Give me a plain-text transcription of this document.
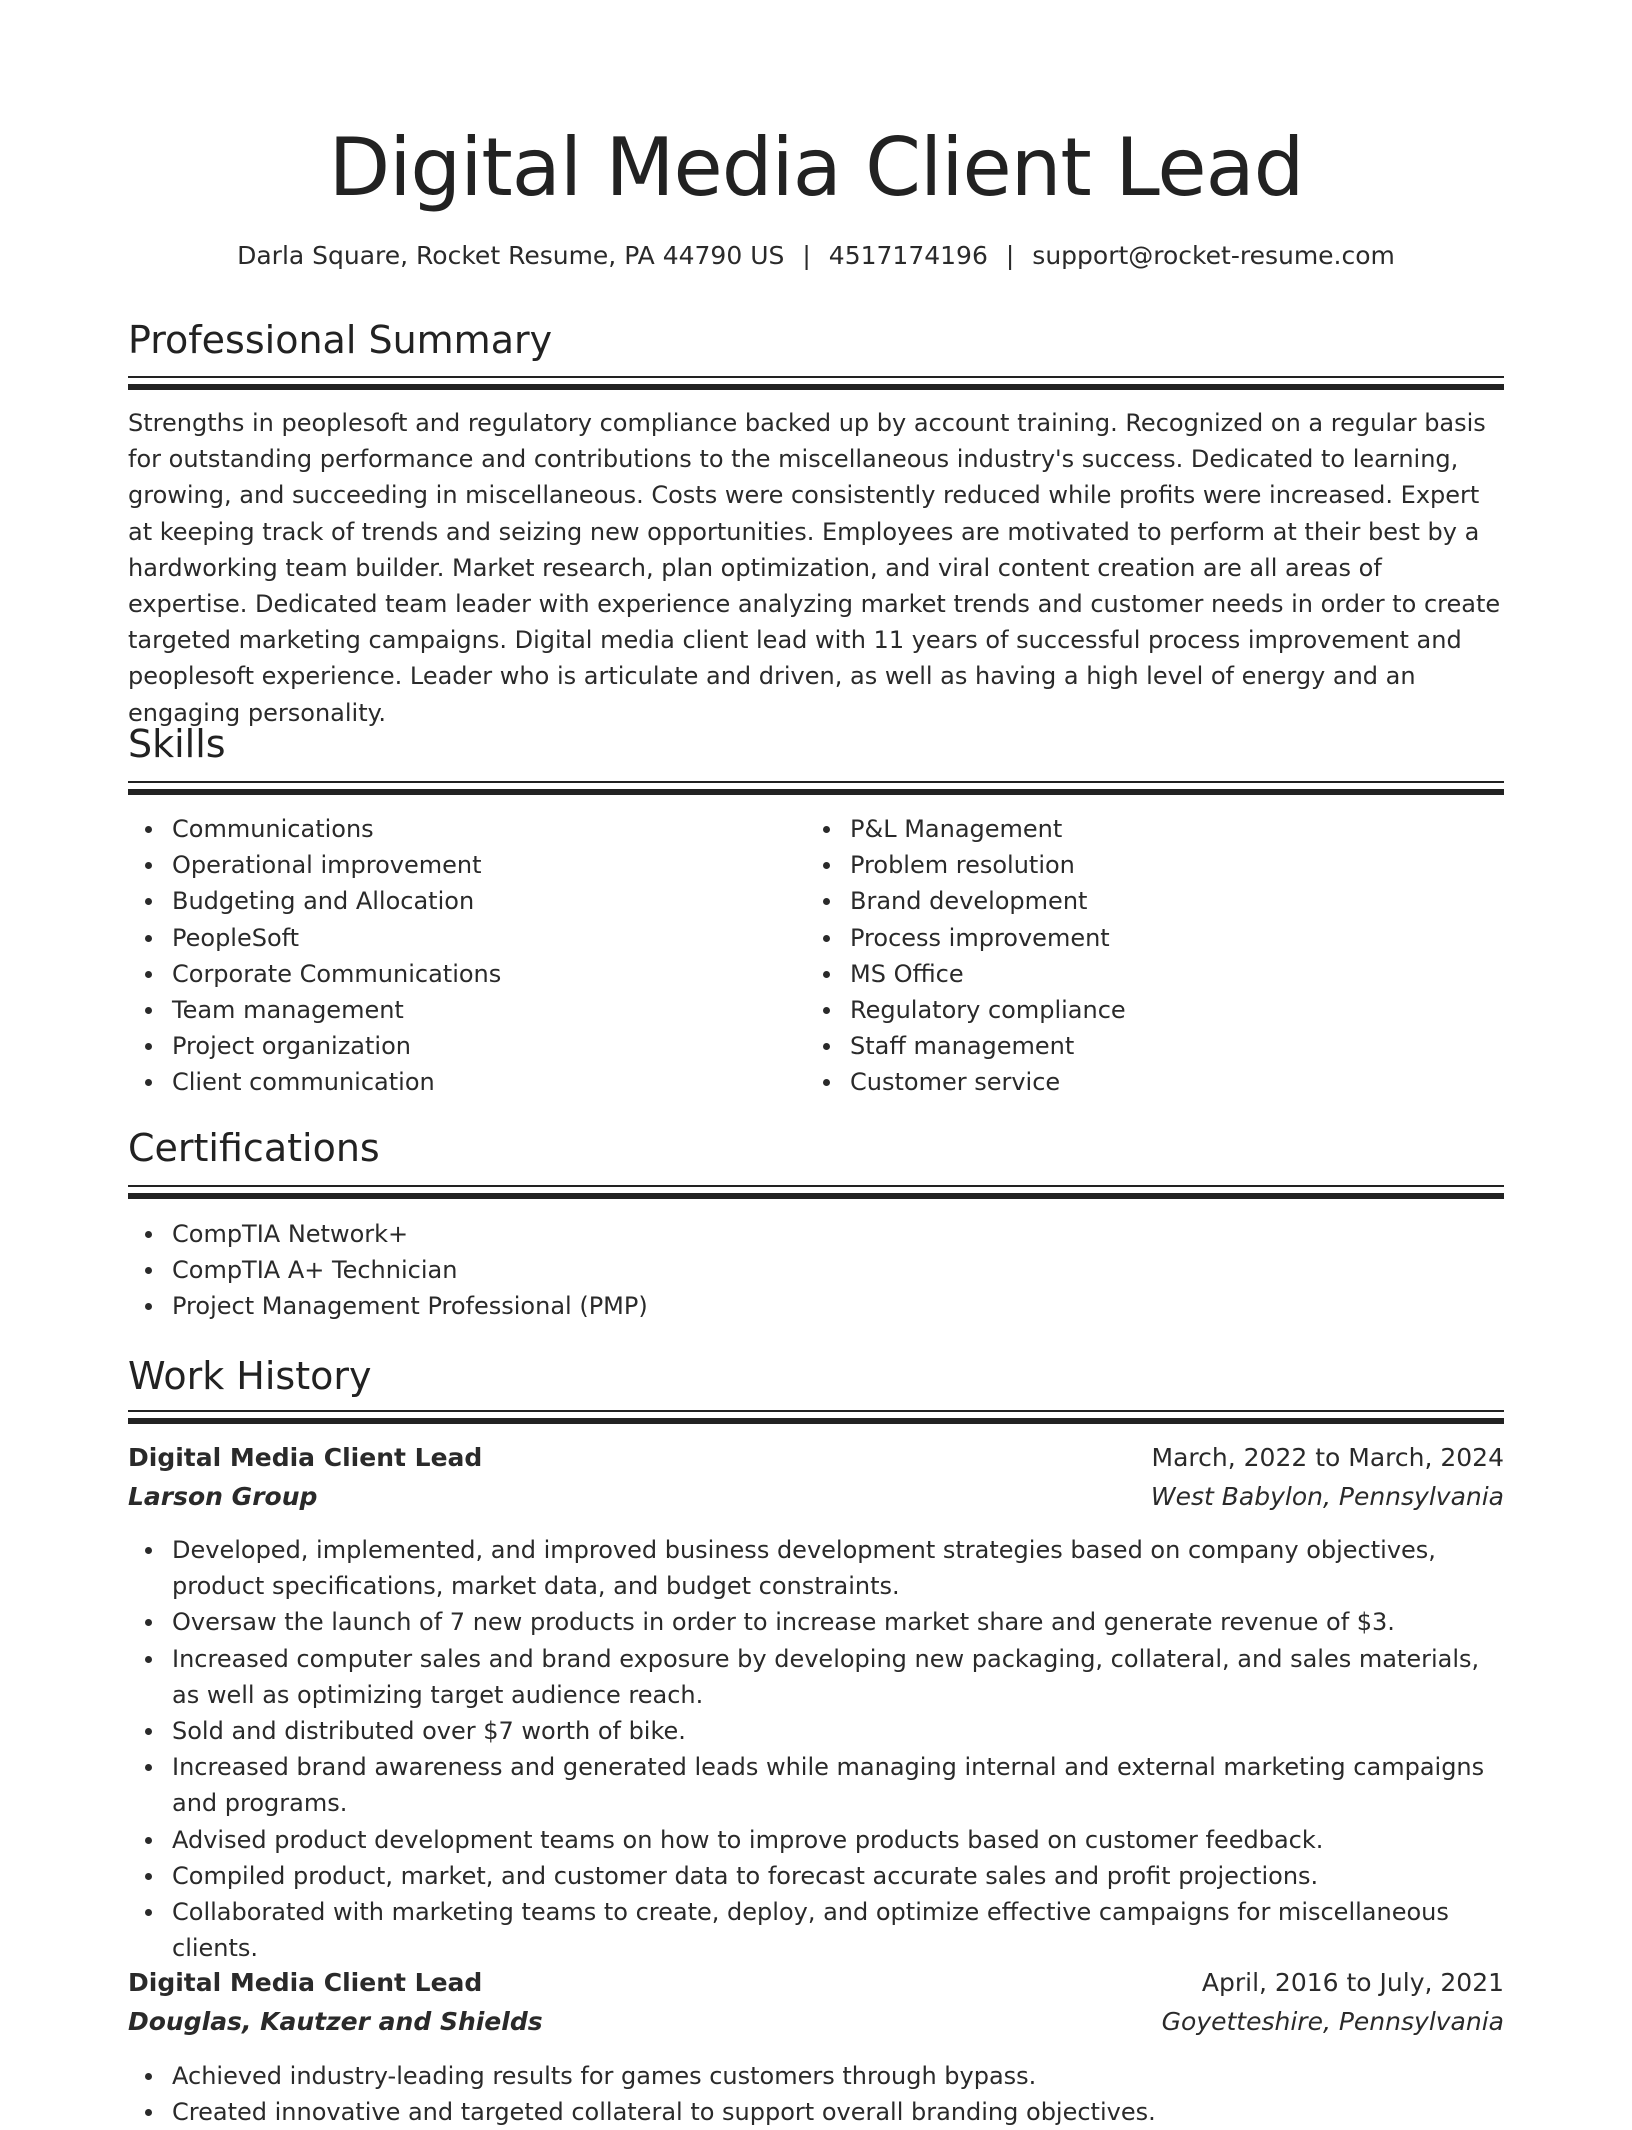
Digital Media Client Lead
Darla Square, Rocket Resume, PA 44790 US | 4517174196 | support@rocket-resume.com
Professional Summary

Strengths in peoplesoft and regulatory compliance backed up by account training. Recognized on a regular basis for outstanding performance and contributions to the miscellaneous industry's success. Dedicated to learning, growing, and succeeding in miscellaneous. Costs were consistently reduced while profits were increased. Expert at keeping track of trends and seizing new opportunities. Employees are motivated to perform at their best by a hardworking team builder. Market research, plan optimization, and viral content creation are all areas of expertise. Dedicated team leader with experience analyzing market trends and customer needs in order to create targeted marketing campaigns. Digital media client lead with 11 years of successful process improvement and peoplesoft experience. Leader who is articulate and driven, as well as having a high level of energy and an engaging personality.

Skills
Communications
Operational improvement
Budgeting and Allocation
PeopleSoft
Corporate Communications
Team management
Project organization
Client communication
P&L Management
Problem resolution
Brand development
Process improvement
MS Office
Regulatory compliance
Staff management
Customer service
Certifications
CompTIA Network+
CompTIA A+ Technician
Project Management Professional (PMP)
Work History
Digital Media Client Lead	March, 2022 to March, 2024
Larson Group	West Babylon, Pennsylvania
Developed, implemented, and improved business development strategies based on company objectives, product specifications, market data, and budget constraints.
Oversaw the launch of 7 new products in order to increase market share and generate revenue of $3.
Increased computer sales and brand exposure by developing new packaging, collateral, and sales materials, as well as optimizing target audience reach.
Sold and distributed over $7 worth of bike.
Increased brand awareness and generated leads while managing internal and external marketing campaigns and programs.
Advised product development teams on how to improve products based on customer feedback.
Compiled product, market, and customer data to forecast accurate sales and profit projections.
Collaborated with marketing teams to create, deploy, and optimize effective campaigns for miscellaneous clients.
Digital Media Client Lead	April, 2016 to July, 2021
Douglas, Kautzer and Shields	Goyetteshire, Pennsylvania
Achieved industry-leading results for games customers through bypass.
Created innovative and targeted collateral to support overall branding objectives.
